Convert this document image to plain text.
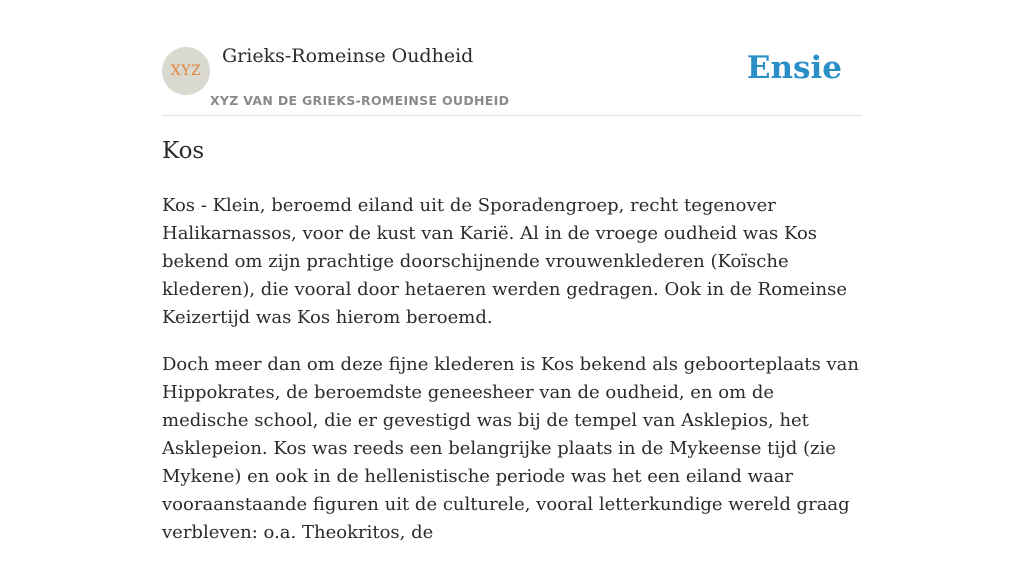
XYZ
Grieks-Romeinse Oudheid
XYZ VAN DE GRIEKS-ROMEINSE OUDHEID
Ensie
Kos

Kos - Klein, beroemd eiland uit de Sporadengroep, recht tegenover Halikarnassos, voor de kust van Karië. Al in de vroege oudheid was Kos bekend om zijn prachtige doorschijnende vrouwenklederen (Koïsche klederen), die vooral door hetaeren werden gedragen. Ook in de Romeinse Keizertijd was Kos hierom beroemd.

Doch meer dan om deze fijne klederen is Kos bekend als geboorteplaats van Hippokrates, de beroemdste geneesheer van de oudheid, en om de medische school, die er gevestigd was bij de tempel van Asklepios, het Asklepeion. Kos was reeds een belangrijke plaats in de Mykeense tijd (zie Mykene) en ook in de hellenistische periode was het een eiland waar vooraanstaande figuren uit de culturele, vooral letterkundige wereld graag verbleven: o.a. Theokritos, de
